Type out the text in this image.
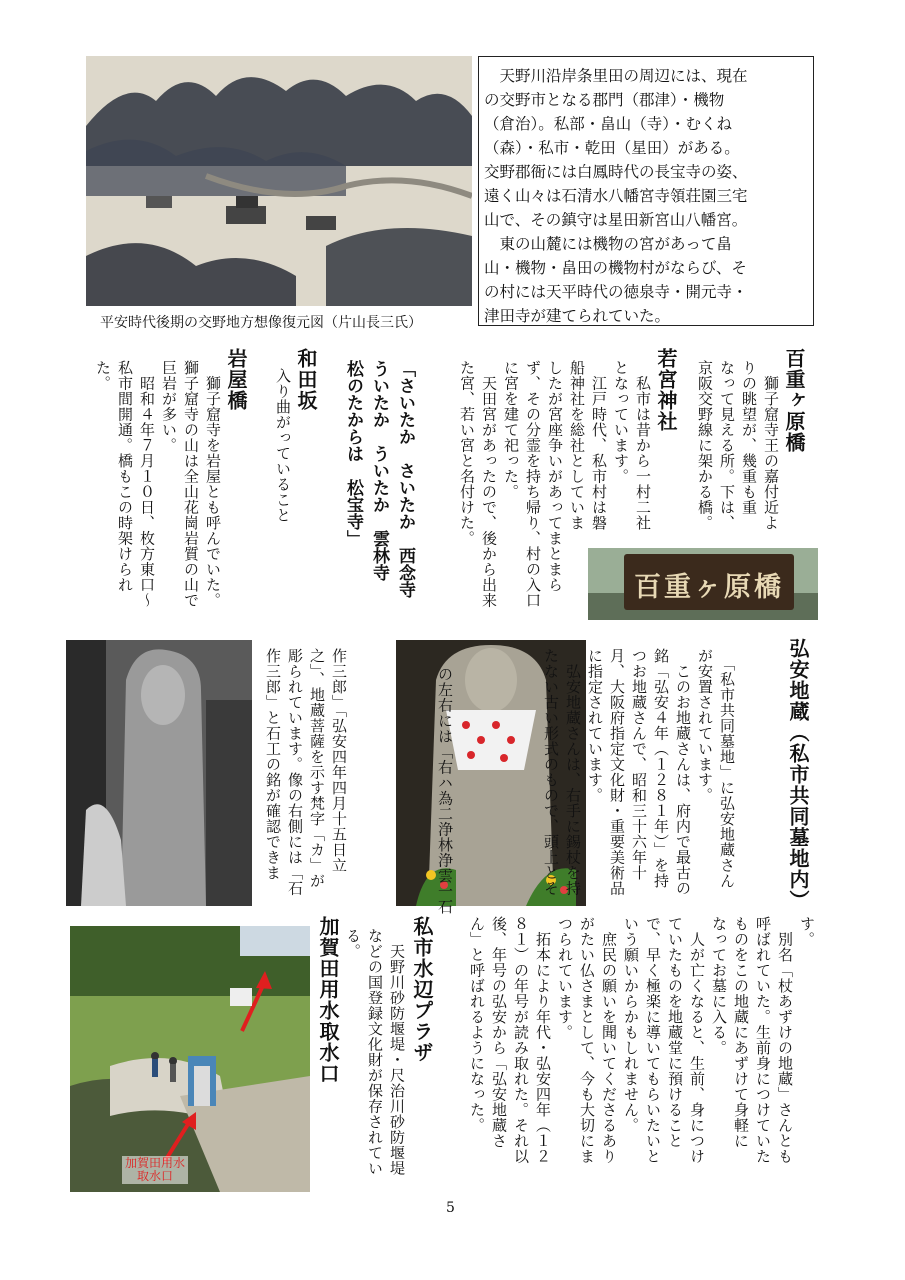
平安時代後期の交野地方想像復元図（片山長三氏）
　天野川沿岸条里田の周辺には、現在
の交野市となる郡門（郡津）・機物
（倉治）。私部・畠山（寺）・むくね
（森）・私市・乾田（星田）がある。
交野郡衙には白鳳時代の長宝寺の姿、
遠く山々は石清水八幡宮寺領荘園三宅
山で、その鎮守は星田新宮山八幡宮。
　東の山麓には機物の宮があって畠
山・機物・畠田の機物村がならび、そ
の村には天平時代の徳泉寺・開元寺・
津田寺が建てられていた。
百重ヶ原橋
　獅子窟寺王の嘉付近よ
りの眺望が、幾重も重
なって見える所。下は、
京阪交野線に架かる橋。
百重ヶ原橋
若宮神社
　私市は昔から一村二社
となっています。
　江戸時代、私市村は磐
船神社を総社としていま
したが宮座争いがあってまとまら
ず、その分霊を持ち帰り、村の入口
に宮を建て祀った。
　天田宮があったので、後から出来
た宮、若い宮と名付けた。
「さいたか　さいたか　西念寺
ういたか　ういたか　雲林寺
松のたからは　松宝寺」
和田坂
入り曲がっていること
岩屋橋
　獅子窟寺を岩屋とも呼んでいた。
獅子窟寺の山は全山花崗岩質の山で
巨岩が多い。
　昭和４年７月１０日、枚方東口～
私市間開通。橋もこの時架けられ
た。
弘安地蔵（私市共同墓地内）
　「私市共同墓地」に弘安地蔵さん
が安置されています。
　このお地蔵さんは、府内で最古の
銘「弘安４年（１２８１年）」を持
つお地蔵さんで、昭和三十六年十
月、大阪府指定文化財・重要美術品
に指定されています。
　弘安地蔵さんは、右手に錫杖を持
たない古い形式のもので、頭上とそ
の左右には「右ハ為二浄林浄雲一石
作三郎」「弘安四年四月十五日立
之」、地蔵菩薩を示す梵字「カ」が
彫られています。像の右側には「石
作三郎」と石工の銘が確認できま
す。
　別名「杖あずけの地蔵」さんとも
呼ばれていた。生前身につけていた
ものをこの地蔵にあずけて身軽に
なってお墓に入る。
　人が亡くなると、生前、身につけ
ていたものを地蔵堂に預けること
で、早く極楽に導いてもらいたいと
いう願いからかもしれません。
　庶民の願いを聞いてくださるあり
がたい仏さまとして、今も大切にま
つられています。
　拓本により年代・弘安四年（１２
８１）の年号が読み取れた。それ以
後、年号の弘安から「弘安地蔵さ
ん」と呼ばれるようになった。
私市水辺プラザ
　天野川砂防堰堤・尺治川砂防堰堤
などの国登録文化財が保存されてい
る。
加賀田用水取水口
加賀田用水
取水口
5
